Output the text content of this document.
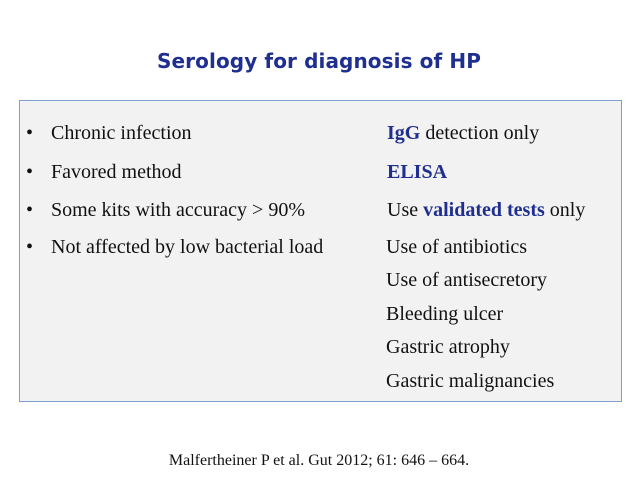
Serology for diagnosis of HP
• Chronic infection	IgG detection only
• Favored method	ELISA
• Some kits with accuracy > 90%	Use validated tests only
• Not affected by low bacterial load	Use of antibiotics
Use of antisecretory
Bleeding ulcer
Gastric atrophy
Gastric malignancies
Malfertheiner P et al. Gut 2012; 61: 646 – 664.
